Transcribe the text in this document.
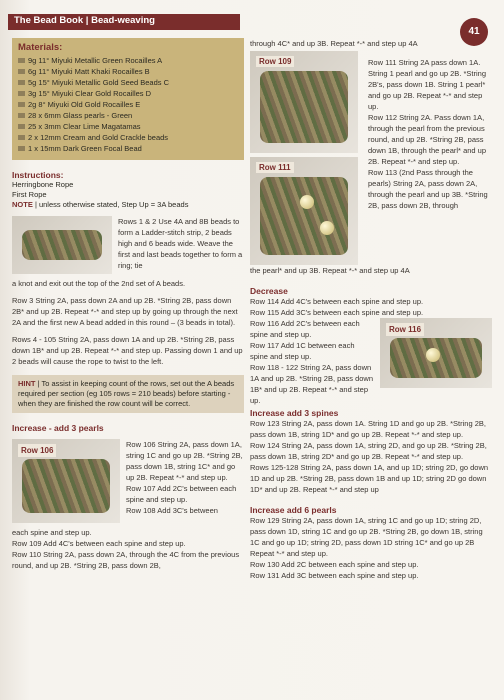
The Bead Book | Bead-weaving
41
Materials:
9g 11° Miyuki Metallic Green Rocailles A
6g 11° Miyuki Matt Khaki Rocailles B
5g 15° Miyuki Metallic Gold Seed Beads C
3g 15° Miyuki Clear Gold Rocailles D
2g 8° Miyuki Old Gold Rocailles E
28 x 6mm Glass pearls - Green
25 x 3mm Clear Lime Magatamas
2 x 12mm Cream and Gold Crackle beads
1 x 15mm Dark Green Focal Bead
Instructions:
Herringbone Rope
First Rope
NOTE | unless otherwise stated, Step Up = 3A beads
Rows 1 & 2 Use 4A and 8B beads to form a Ladder-stitch strip, 2 beads high and 6 beads wide. Weave the first and last beads together to form a ring; tie
a knot and exit out the top of the 2nd set of A beads.
Row 3 String 2A, pass down 2A and up 2B. *String 2B, pass down 2B* and up 2B. Repeat *-* and step up by going up through the next 2A and the first new A bead added in this round – (3 beads in total).
Rows 4 - 105 String 2A, pass down 1A and up 2B. *String 2B, pass down 1B* and up 2B. Repeat *-* and step up. Passing down 1 and up 2 beads will cause the rope to twist to the left.
HINT | To assist in keeping count of the rows, set out the A beads required per section (eg 105 rows = 210 beads) before starting - when they are finished the row count will be correct.
Increase - add 3 pearls
Row 106
Row 106 String 2A, pass down 1A, string 1C and go up 2B. *String 2B, pass down 1B, string 1C* and go up 2B. Repeat *-* and step up.
Row 107 Add 2C's between each spine and step up.
Row 108 Add 3C's between
each spine and step up.
Row 109 Add 4C's between each spine and step up.
Row 110 String 2A, pass down 2A, through the 4C from the previous round, and up 2B. *String 2B, pass down 2B,
through 4C* and up 3B. Repeat *-* and step up 4A
Row 109
Row 111
Row 111 String 2A pass down 1A. String 1 pearl and go up 2B. *String 2B's, pass down 1B. String 1 pearl* and go up 2B. Repeat *-* and step up.
Row 112 String 2A. Pass down 1A, through the pearl from the previous round, and up 2B. *String 2B, pass down 1B, through the pearl* and up 2B. Repeat *-* and step up.
Row 113 (2nd Pass through the pearls) String 2A, pass down 2A, through the pearl and up 3B. *String 2B, pass down 2B, through
the pearl* and up 3B. Repeat *-* and step up 4A
Decrease
Row 114 Add 4C's between each spine and step up.
Row 115 Add 3C's between each spine and step up.
Row 116
Row 116 Add 2C's between each spine and step up.
Row 117 Add 1C between each spine and step up.
Row 118 - 122 String 2A, pass down 1A and up 2B. *String 2B, pass down 1B* and up 2B. Repeat *-* and step up.
Increase add 3 spines
Row 123 String 2A, pass down 1A. String 1D and go up 2B. *String 2B, pass down 1B, string 1D* and go up 2B. Repeat *-* and step up.
Row 124 String 2A, pass down 1A, string 2D, and go up 2B. *String 2B, pass down 1B, string 2D* and go up 2B. Repeat *-* and step up.
Rows 125-128 String 2A, pass down 1A, and up 1D; string 2D, go down 1D and up 2B. *String 2B, pass down 1B and up 1D; string 2D go down 1D* and up 2B. Repeat *-* and step up
Increase add 6 pearls
Row 129 String 2A, pass down 1A, string 1C and go up 1D; string 2D, pass down 1D, string 1C and go up 2B. *String 2B, go down 1B, string 1C and go up 1D; string 2D, pass down 1D string 1C* and go up 2B Repeat *-* and step up.
Row 130 Add 2C between each spine and step up.
Row 131 Add 3C between each spine and step up.
